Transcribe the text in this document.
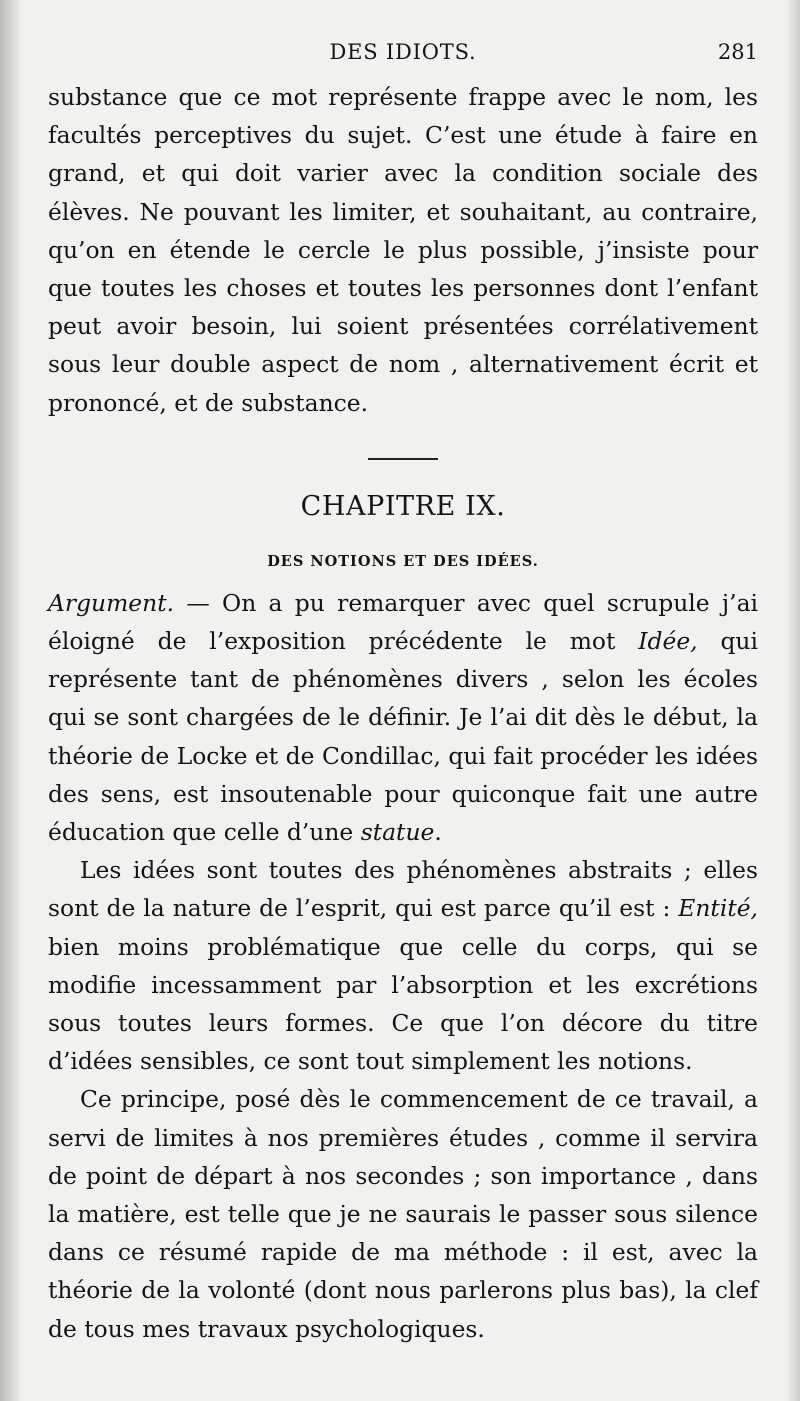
DES IDIOTS.	281

substance que ce mot représente frappe avec le nom, les facultés perceptives du sujet. C’est une étude à faire en grand, et qui doit varier avec la condition sociale des élèves. Ne pouvant les limiter, et souhaitant, au contraire, qu’on en étende le cercle le plus possible, j’insiste pour que toutes les choses et toutes les personnes dont l’enfant peut avoir besoin, lui soient présentées corrélativement sous leur double aspect de nom , alternativement écrit et prononcé, et de substance.

CHAPITRE IX.
DES NOTIONS ET DES IDÉES.

Argument. — On a pu remarquer avec quel scrupule j’ai éloigné de l’exposition précédente le mot Idée, qui représente tant de phénomènes divers , selon les écoles qui se sont chargées de le définir. Je l’ai dit dès le début, la théorie de Locke et de Condillac, qui fait procéder les idées des sens, est insoutenable pour quiconque fait une autre éducation que celle d’une statue.

Les idées sont toutes des phénomènes abstraits ; elles sont de la nature de l’esprit, qui est parce qu’il est : Entité, bien moins problématique que celle du corps, qui se modifie incessamment par l’absorption et les excrétions sous toutes leurs formes. Ce que l’on décore du titre d’idées sensibles, ce sont tout simplement les notions.

Ce principe, posé dès le commencement de ce travail, a servi de limites à nos premières études , comme il servira de point de départ à nos secondes ; son importance , dans la matière, est telle que je ne saurais le passer sous silence dans ce résumé rapide de ma méthode : il est, avec la théorie de la volonté (dont nous parlerons plus bas), la clef de tous mes travaux psychologiques.
